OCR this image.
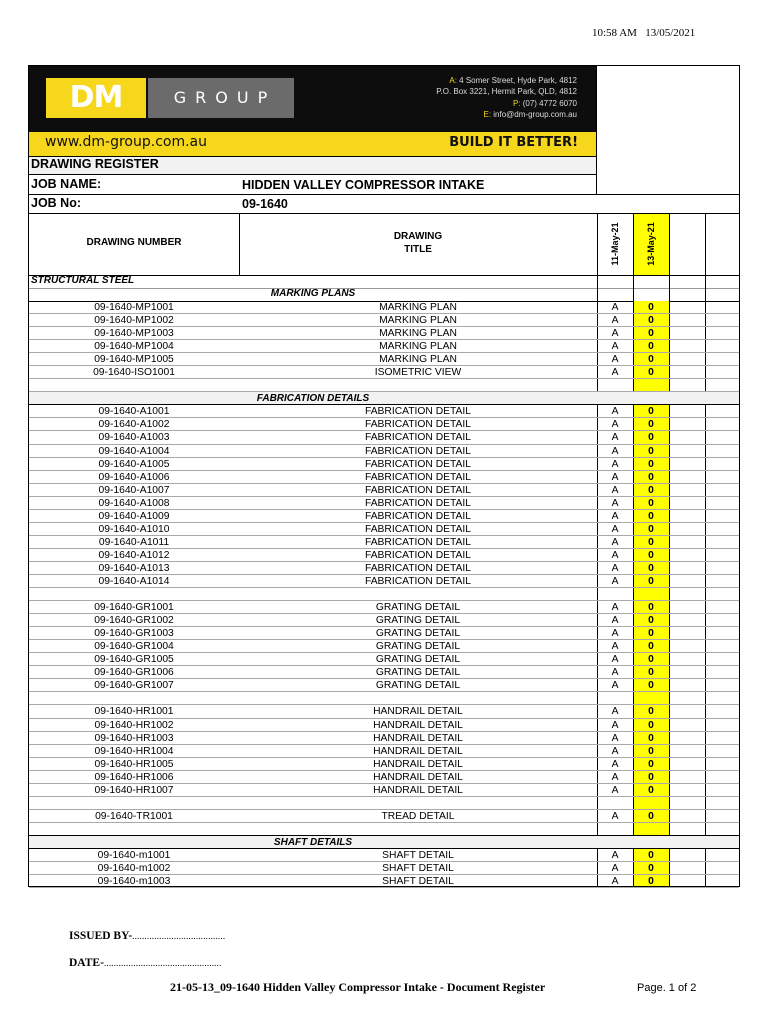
10:58 AM 13/05/2021
DM	GROUP
A: 4 Somer Street, Hyde Park, 4812
P.O. Box 3221, Hermit Park, QLD, 4812
P: (07) 4772 6070
E: info@dm-group.com.au
www.dm-group.com.au	BUILD IT BETTER!
DRAWING REGISTER
JOB NAME:	HIDDEN VALLEY COMPRESSOR INTAKE
JOB No:	09-1640
DRAWING NUMBER
DRAWING
TITLE	11-May-21	13-May-21
STRUCTURAL STEEL
MARKING PLANS
09-1640-MP1001	MARKING PLAN	A	0
09-1640-MP1002	MARKING PLAN	A	0
09-1640-MP1003	MARKING PLAN	A	0
09-1640-MP1004	MARKING PLAN	A	0
09-1640-MP1005	MARKING PLAN	A	0
09-1640-ISO1001	ISOMETRIC VIEW	A	0
FABRICATION DETAILS
09-1640-A1001	FABRICATION DETAIL	A	0
09-1640-A1002	FABRICATION DETAIL	A	0
09-1640-A1003	FABRICATION DETAIL	A	0
09-1640-A1004	FABRICATION DETAIL	A	0
09-1640-A1005	FABRICATION DETAIL	A	0
09-1640-A1006	FABRICATION DETAIL	A	0
09-1640-A1007	FABRICATION DETAIL	A	0
09-1640-A1008	FABRICATION DETAIL	A	0
09-1640-A1009	FABRICATION DETAIL	A	0
09-1640-A1010	FABRICATION DETAIL	A	0
09-1640-A1011	FABRICATION DETAIL	A	0
09-1640-A1012	FABRICATION DETAIL	A	0
09-1640-A1013	FABRICATION DETAIL	A	0
09-1640-A1014	FABRICATION DETAIL	A	0
09-1640-GR1001	GRATING DETAIL	A	0
09-1640-GR1002	GRATING DETAIL	A	0
09-1640-GR1003	GRATING DETAIL	A	0
09-1640-GR1004	GRATING DETAIL	A	0
09-1640-GR1005	GRATING DETAIL	A	0
09-1640-GR1006	GRATING DETAIL	A	0
09-1640-GR1007	GRATING DETAIL	A	0
09-1640-HR1001	HANDRAIL DETAIL	A	0
09-1640-HR1002	HANDRAIL DETAIL	A	0
09-1640-HR1003	HANDRAIL DETAIL	A	0
09-1640-HR1004	HANDRAIL DETAIL	A	0
09-1640-HR1005	HANDRAIL DETAIL	A	0
09-1640-HR1006	HANDRAIL DETAIL	A	0
09-1640-HR1007	HANDRAIL DETAIL	A	0
09-1640-TR1001	TREAD DETAIL	A	0
SHAFT DETAILS
09-1640-m1001	SHAFT DETAIL	A	0
09-1640-m1002	SHAFT DETAIL	A	0
09-1640-m1003	SHAFT DETAIL	A	0
ISSUED BY-......................................
DATE-................................................
21-05-13_09-1640 Hidden Valley Compressor Intake - Document Register	Page. 1 of 2
